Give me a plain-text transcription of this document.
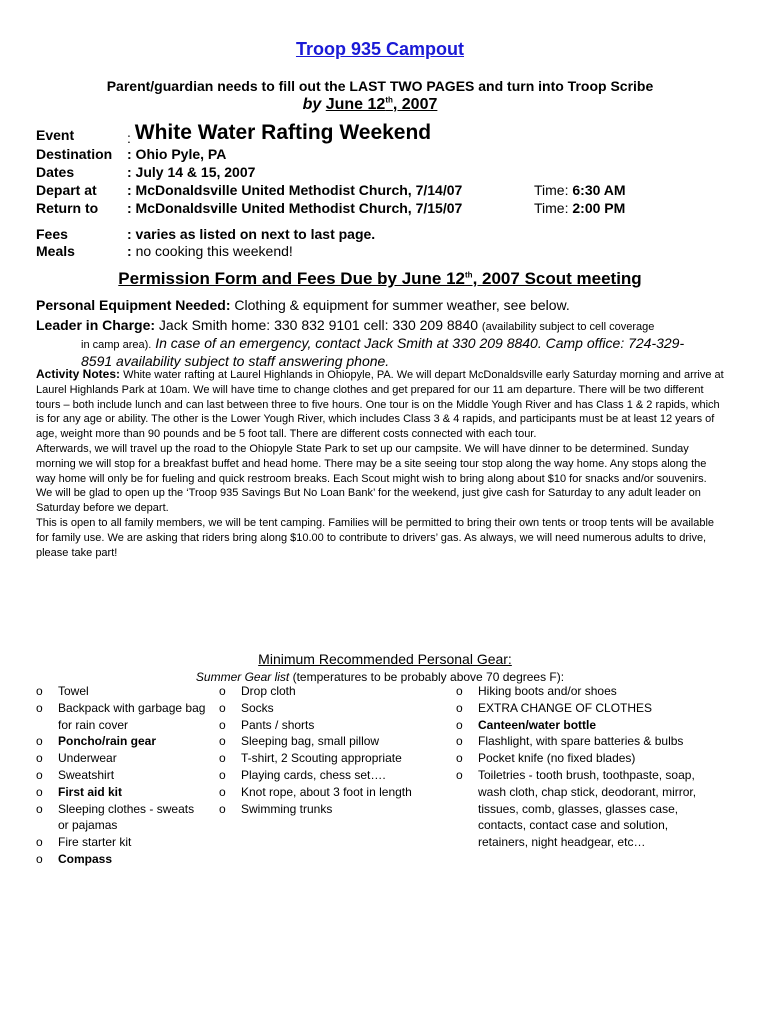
Troop 935 Campout
Parent/guardian needs to fill out the LAST TWO PAGES and turn into Troop Scribe
by June 12th, 2007
Event	: White Water Rafting Weekend
Destination : Ohio Pyle, PA
Dates	: July 14 & 15, 2007
Depart at : McDonaldsville United Methodist Church, 7/14/07	Time: 6:30 AM
Return to : McDonaldsville United Methodist Church, 7/15/07	Time: 2:00 PM
Fees	: varies as listed on next to last page.
Meals	: no cooking this weekend!
Permission Form and Fees Due by June 12th, 2007 Scout meeting
Personal Equipment Needed: Clothing & equipment for summer weather, see below.
Leader in Charge: Jack Smith home: 330 832 9101 cell: 330 209 8840 (availability subject to cell coverage
in camp area). In case of an emergency, contact Jack Smith at 330 209 8840. Camp office: 724-329-
8591 availability subject to staff answering phone.
Activity Notes: White water rafting at Laurel Highlands in Ohiopyle, PA. We will depart McDonaldsville early Saturday morning and arrive at Laurel Highlands Park at 10am. We will have time to change clothes and get prepared for our 11 am departure. There will be two different tours – both include lunch and can last between three to five hours. One tour is on the Middle Yough River and has Class 1 & 2 rapids, which is for any age or ability. The other is the Lower Yough River, which includes Class 3 & 4 rapids, and participants must be at least 12 years of age, weight more than 90 pounds and be 5 foot tall. There are different costs connected with each tour.
Afterwards, we will travel up the road to the Ohiopyle State Park to set up our campsite. We will have dinner to be determined. Sunday morning we will stop for a breakfast buffet and head home. There may be a site seeing tour stop along the way home. Any stops along the way home will only be for fueling and quick restroom breaks. Each Scout might wish to bring along about $10 for snacks and/or souvenirs. We will be glad to open up the ‘Troop 935 Savings But No Loan Bank’ for the weekend, just give cash for Saturday to any adult leader on Saturday before we depart.
This is open to all family members, we will be tent camping. Families will be permitted to bring their own tents or troop tents will be available for family use. We are asking that riders bring along $10.00 to contribute to drivers’ gas. As always, we will need numerous adults to drive, please take part!
Minimum Recommended Personal Gear:
Summer Gear list (temperatures to be probably above 70 degrees F):
o Towel
o Backpack with garbage bag for rain cover
o Poncho/rain gear
o Underwear
o Sweatshirt
o First aid kit
o Sleeping clothes - sweats or pajamas
o Fire starter kit
o Compass
o Drop cloth
o Socks
o Pants / shorts
o Sleeping bag, small pillow
o T-shirt, 2 Scouting appropriate
o Playing cards, chess set….
o Knot rope, about 3 foot in length
o Swimming trunks
o Hiking boots and/or shoes
o EXTRA CHANGE OF CLOTHES
o Canteen/water bottle
o Flashlight, with spare batteries & bulbs
o Pocket knife (no fixed blades)
o Toiletries - tooth brush, toothpaste, soap, wash cloth, chap stick, deodorant, mirror, tissues, comb, glasses, glasses case, contacts, contact case and solution, retainers, night headgear, etc…
